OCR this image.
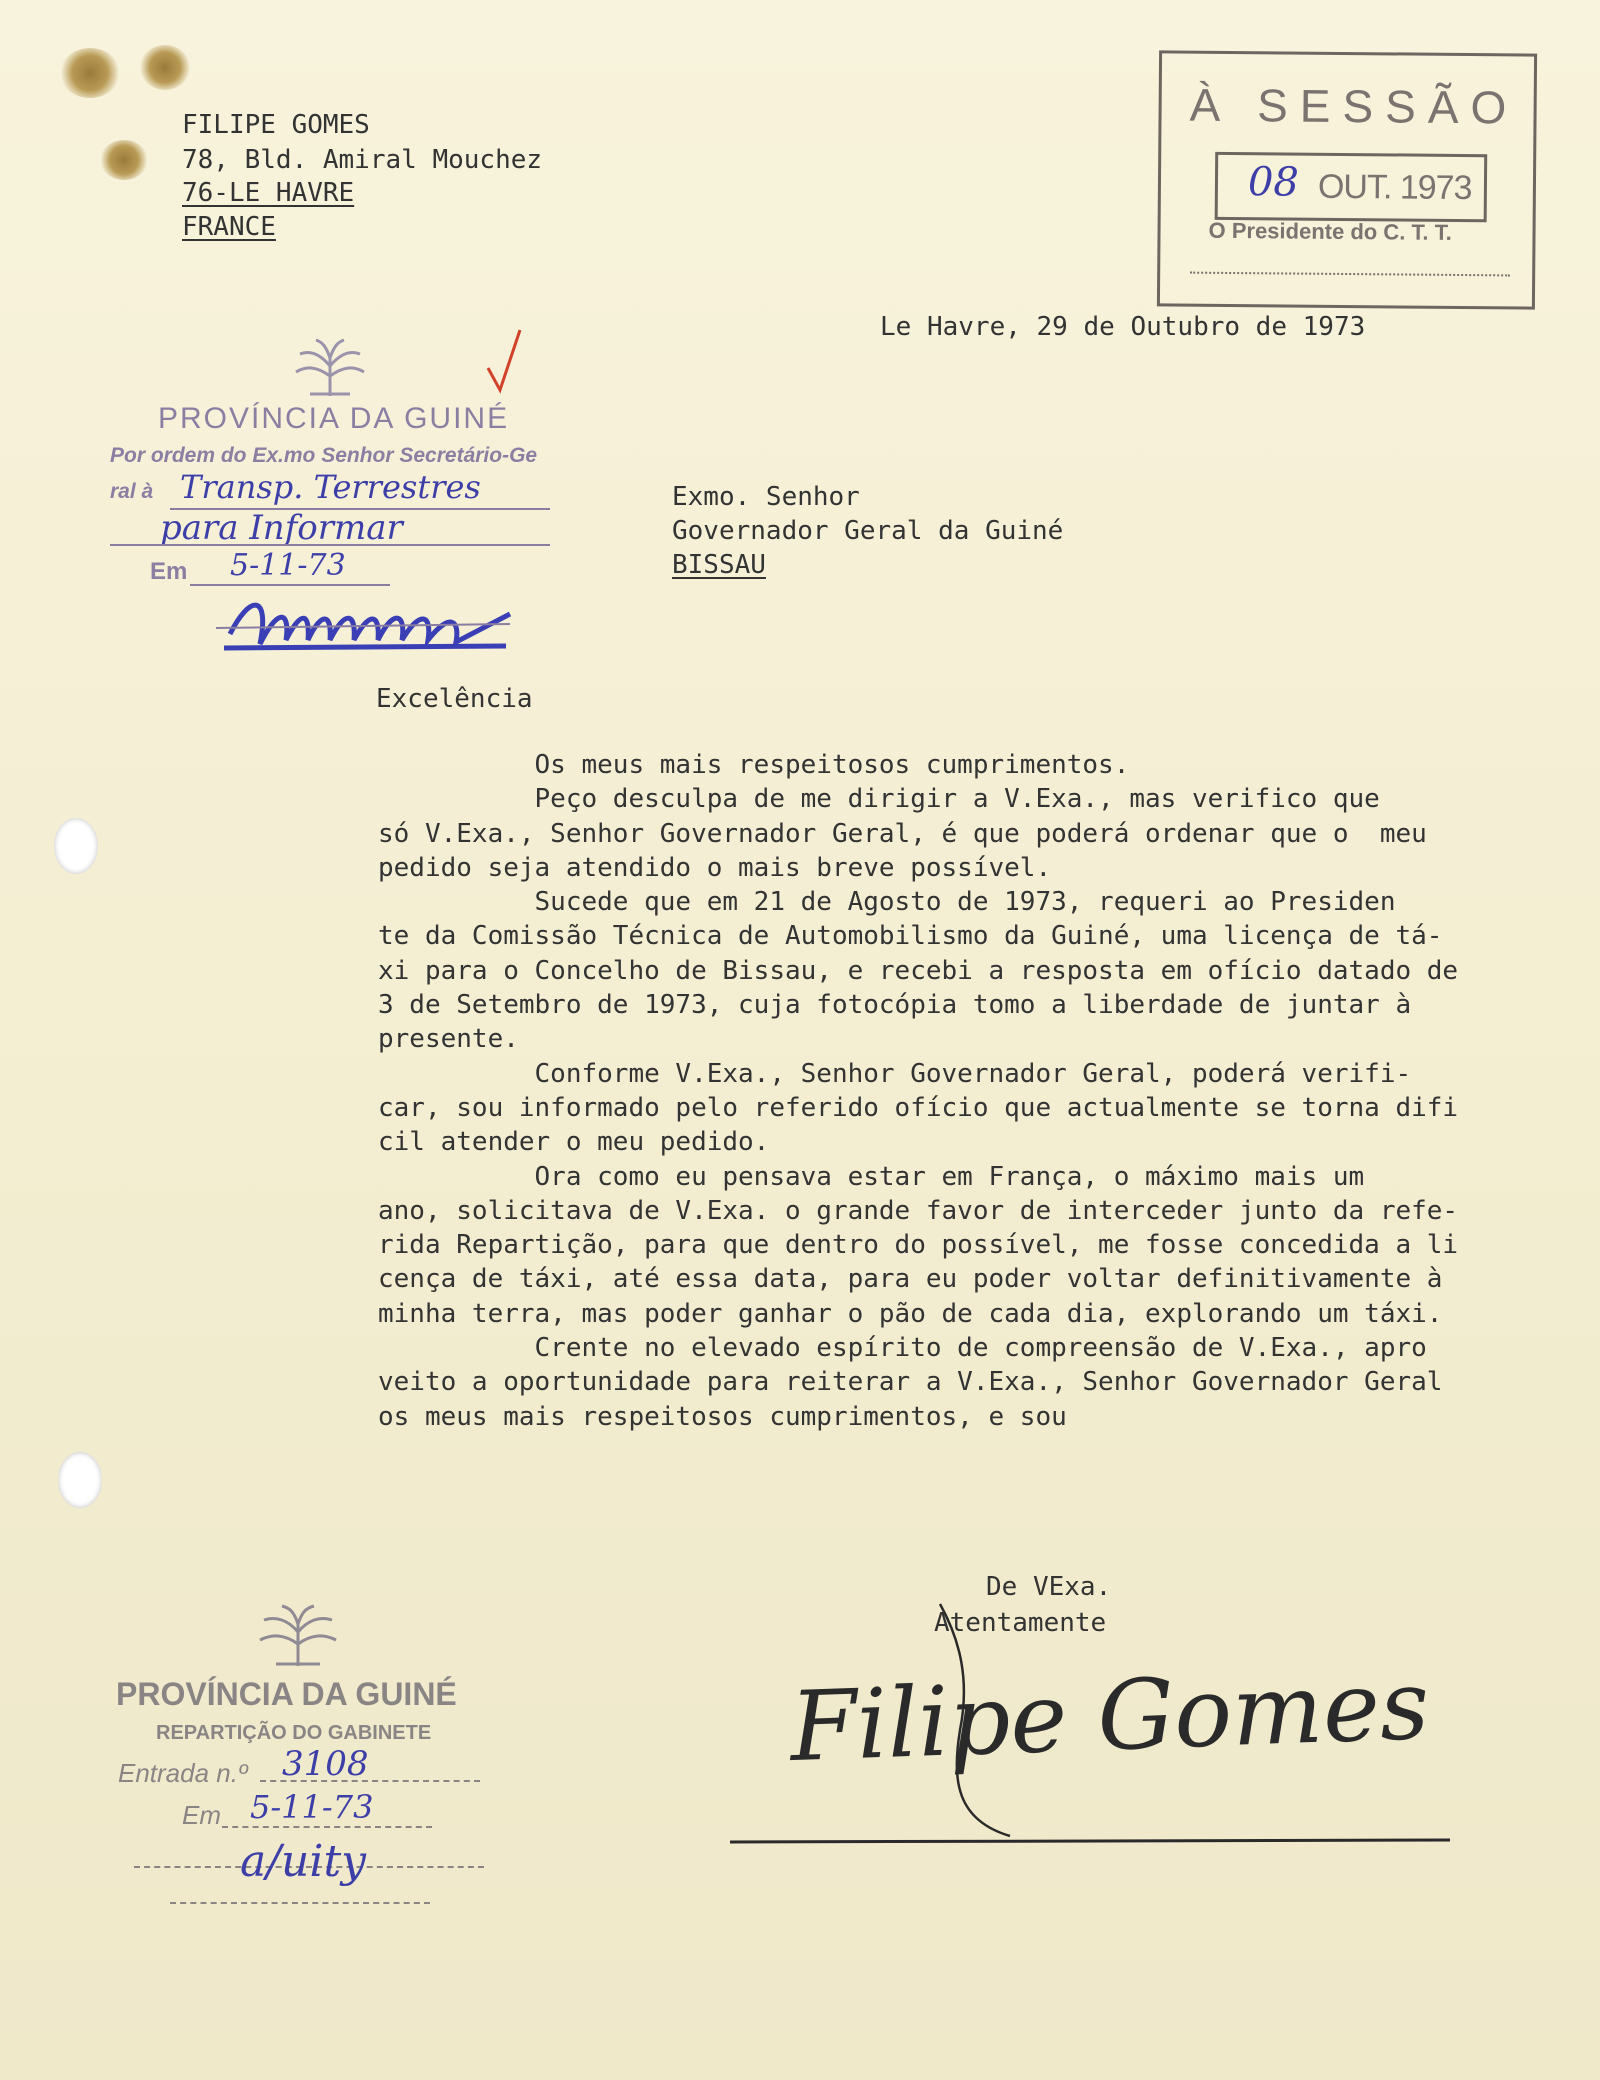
FILIPE GOMES
78, Bld. Amiral Mouchez
76-LE HAVRE
FRANCE
À SESSÃO
08 OUT. 1973
O Presidente do C. T. T.
Le Havre, 29 de Outubro de 1973
PROVÍNCIA DA GUINÉ
Por ordem do Ex.mo Senhor Secretário-Ge
ral à Transp. Terrestres
para Informar
Em 5-11-73
Exmo. Senhor
Governador Geral da Guiné
BISSAU
Excelência
Os meus mais respeitosos cumprimentos.
Peço desculpa de me dirigir a V.Exa., mas verifico que
só V.Exa., Senhor Governador Geral, é que poderá ordenar que o  meu
pedido seja atendido o mais breve possível.
Sucede que em 21 de Agosto de 1973, requeri ao Presiden
te da Comissão Técnica de Automobilismo da Guiné, uma licença de tá-
xi para o Concelho de Bissau, e recebi a resposta em ofício datado de
3 de Setembro de 1973, cuja fotocópia tomo a liberdade de juntar à
presente.
Conforme V.Exa., Senhor Governador Geral, poderá verifi-
car, sou informado pelo referido ofício que actualmente se torna difi
cil atender o meu pedido.
Ora como eu pensava estar em França, o máximo mais um
ano, solicitava de V.Exa. o grande favor de interceder junto da refe-
rida Repartição, para que dentro do possível, me fosse concedida a li
cença de táxi, até essa data, para eu poder voltar definitivamente à
minha terra, mas poder ganhar o pão de cada dia, explorando um táxi.
Crente no elevado espírito de compreensão de V.Exa., apro
veito a oportunidade para reiterar a V.Exa., Senhor Governador Geral
os meus mais respeitosos cumprimentos, e sou
De VExa.
Atentamente
Filipe Gomes
PROVÍNCIA DA GUINÉ
REPARTIÇÃO DO GABINETE
Entrada n.º 3108
Em 5-11-73
a/uity
